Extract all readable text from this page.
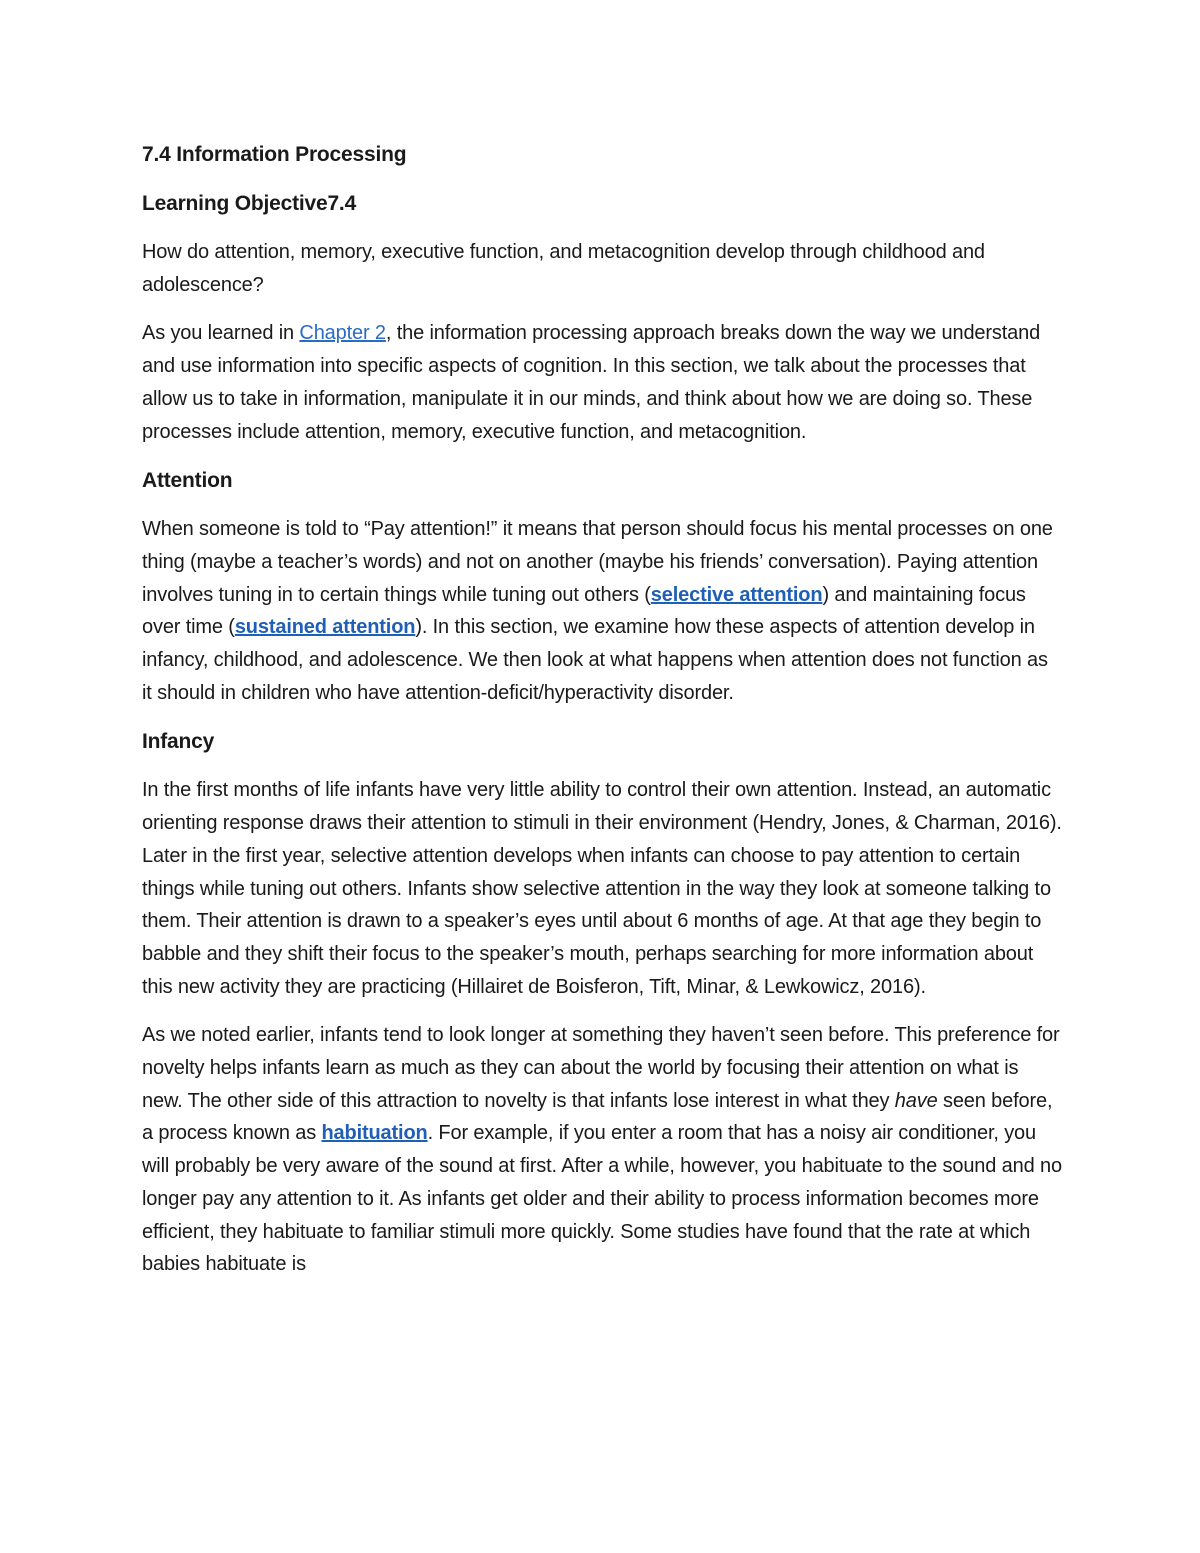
7.4 Information Processing
Learning Objective7.4

How do attention, memory, executive function, and metacognition develop through childhood and adolescence?

As you learned in Chapter 2, the information processing approach breaks down the way we understand and use information into specific aspects of cognition. In this section, we talk about the processes that allow us to take in information, manipulate it in our minds, and think about how we are doing so. These processes include attention, memory, executive function, and metacognition.

Attention

When someone is told to “Pay attention!” it means that person should focus his mental processes on one thing (maybe a teacher’s words) and not on another (maybe his friends’ conversation). Paying attention involves tuning in to certain things while tuning out others (selective attention) and maintaining focus over time (sustained attention). In this section, we examine how these aspects of attention develop in infancy, childhood, and adolescence. We then look at what happens when attention does not function as it should in children who have attention-deficit/hyperactivity disorder.

Infancy

In the first months of life infants have very little ability to control their own attention. Instead, an automatic orienting response draws their attention to stimuli in their environment (Hendry, Jones, & Charman, 2016). Later in the first year, selective attention develops when infants can choose to pay attention to certain things while tuning out others. Infants show selective attention in the way they look at someone talking to them. Their attention is drawn to a speaker’s eyes until about 6 months of age. At that age they begin to babble and they shift their focus to the speaker’s mouth, perhaps searching for more information about this new activity they are practicing (Hillairet de Boisferon, Tift, Minar, & Lewkowicz, 2016).

As we noted earlier, infants tend to look longer at something they haven’t seen before. This preference for novelty helps infants learn as much as they can about the world by focusing their attention on what is new. The other side of this attraction to novelty is that infants lose interest in what they have seen before, a process known as habituation. For example, if you enter a room that has a noisy air conditioner, you will probably be very aware of the sound at first. After a while, however, you habituate to the sound and no longer pay any attention to it. As infants get older and their ability to process information becomes more efficient, they habituate to familiar stimuli more quickly. Some studies have found that the rate at which babies habituate is
